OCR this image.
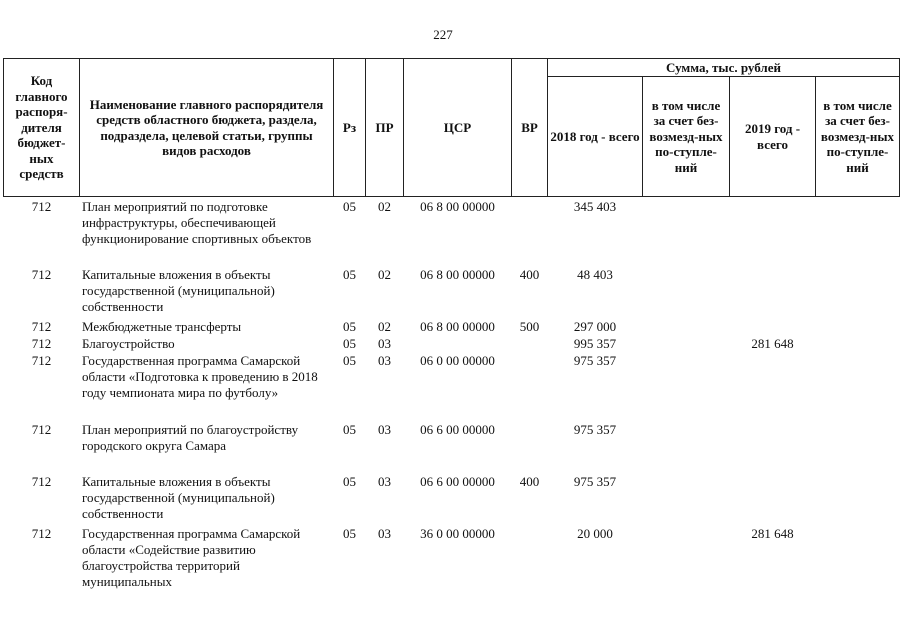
227
Код главного распоря-дителя бюджет-ных средств	Наименование главного распорядителя средств областного бюджета, раздела, подраздела, целевой статьи, группы видов расходов	Рз	ПР	ЦСР	ВР	Сумма, тыс. рублей			
						2018 год - всего	в том числе за счет без-возмезд-ных по-ступле-ний	2019 год - всего	в том числе за счет без-возмезд-ных по-ступле-ний

712	План мероприятий по подготовке инфраструктуры, обеспечивающей функционирование спортивных объектов	05	02	06 8 00 00000		345 403			
712	Капитальные вложения в объекты государственной (муниципальной) собственности	05	02	06 8 00 00000	400	48 403			
712	Межбюджетные трансферты	05	02	06 8 00 00000	500	297 000			
712	Благоустройство	05	03			995 357		281 648	
712	Государственная программа Самарской области «Подготовка к проведению в 2018 году чемпионата мира по футболу»	05	03	06 0 00 00000		975 357			
712	План мероприятий по благоустройству городского округа Самара	05	03	06 6 00 00000		975 357			
712	Капитальные вложения в объекты государственной (муниципальной) собственности	05	03	06 6 00 00000	400	975 357			
712	Государственная программа Самарской области «Содействие развитию благоустройства территорий муниципальных	05	03	36 0 00 00000		20 000		281 648	
